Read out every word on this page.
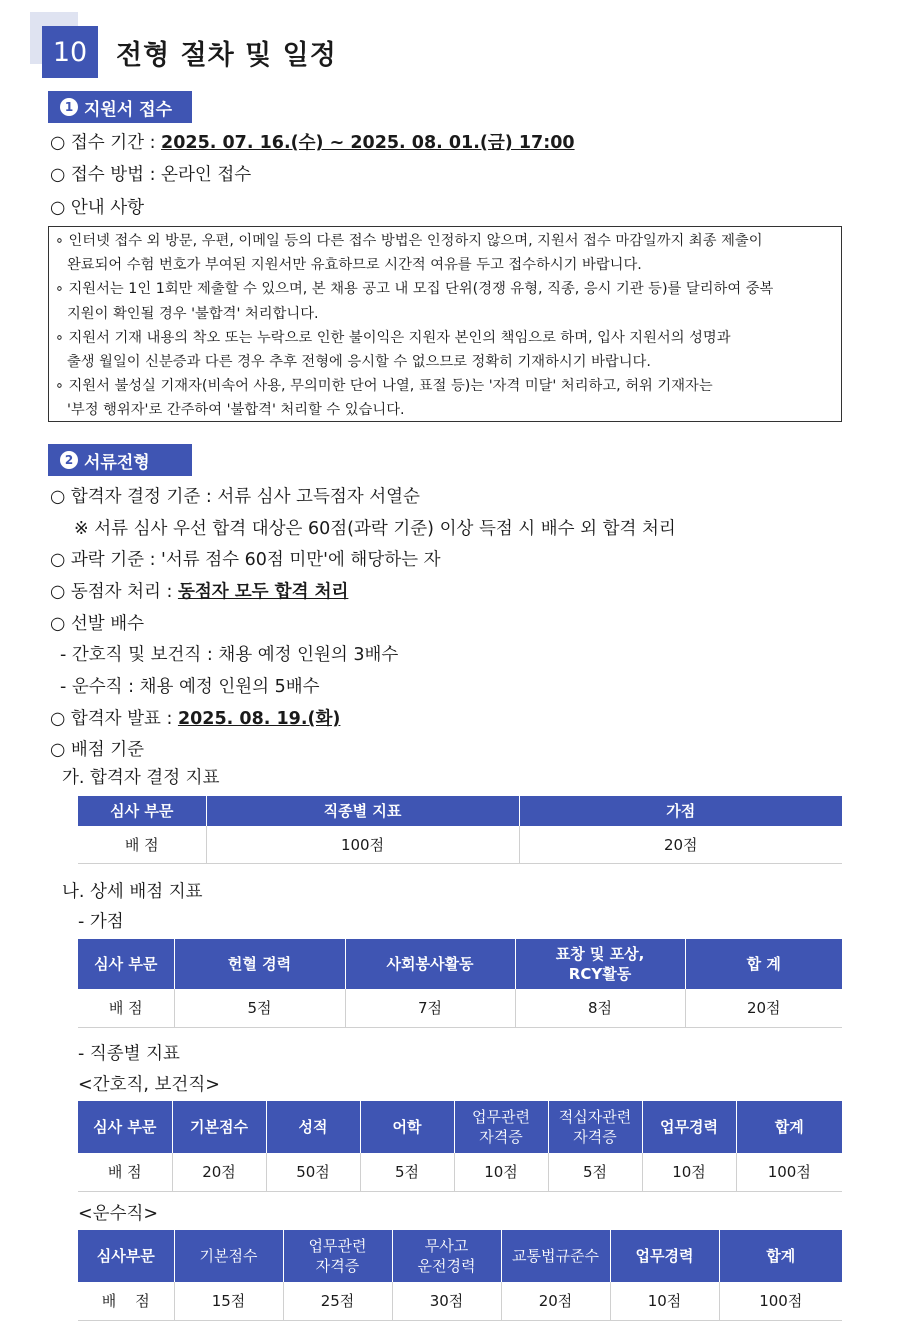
10	전형 절차 및 일정
1 지원서 접수
○ 접수 기간 : 2025. 07. 16.(수) ~ 2025. 08. 01.(금) 17:00
○ 접수 방법 : 온라인 접수
○ 안내 사항
∘ 인터넷 접수 외 방문, 우편, 이메일 등의 다른 접수 방법은 인정하지 않으며, 지원서 접수 마감일까지 최종 제출이
완료되어 수험 번호가 부여된 지원서만 유효하므로 시간적 여유를 두고 접수하시기 바랍니다.
∘ 지원서는 1인 1회만 제출할 수 있으며, 본 채용 공고 내 모집 단위(경쟁 유형, 직종, 응시 기관 등)를 달리하여 중복
지원이 확인될 경우 '불합격' 처리합니다.
∘ 지원서 기재 내용의 착오 또는 누락으로 인한 불이익은 지원자 본인의 책임으로 하며, 입사 지원서의 성명과
출생 월일이 신분증과 다른 경우 추후 전형에 응시할 수 없으므로 정확히 기재하시기 바랍니다.
∘ 지원서 불성실 기재자(비속어 사용, 무의미한 단어 나열, 표절 등)는 '자격 미달' 처리하고, 허위 기재자는
'부정 행위자'로 간주하여 '불합격' 처리할 수 있습니다.
2 서류전형
○ 합격자 결정 기준 : 서류 심사 고득점자 서열순
※ 서류 심사 우선 합격 대상은 60점(과락 기준) 이상 득점 시 배수 외 합격 처리
○ 과락 기준 : '서류 점수 60점 미만'에 해당하는 자
○ 동점자 처리 : 동점자 모두 합격 처리
○ 선발 배수
- 간호직 및 보건직 : 채용 예정 인원의 3배수
- 운수직 : 채용 예정 인원의 5배수
○ 합격자 발표 : 2025. 08. 19.(화)
○ 배점 기준
가. 합격자 결정 지표
심사 부문	직종별 지표	가점
배 점	100점	20점
나. 상세 배점 지표
- 가점
심사 부문	헌혈 경력	사회봉사활동	표창 및 포상,
RCY활동	합 계
배 점	5점	7점	8점	20점
- 직종별 지표
<간호직, 보건직>
심사 부문	기본점수	성적	어학	업무관련
자격증	적십자관련
자격증	업무경력	합계
배 점	20점	50점	5점	10점	5점	10점	100점
<운수직>
심사부문	기본점수	업무관련
자격증	무사고
운전경력	교통법규준수	업무경력	합계
배    점	15점	25점	30점	20점	10점	100점
